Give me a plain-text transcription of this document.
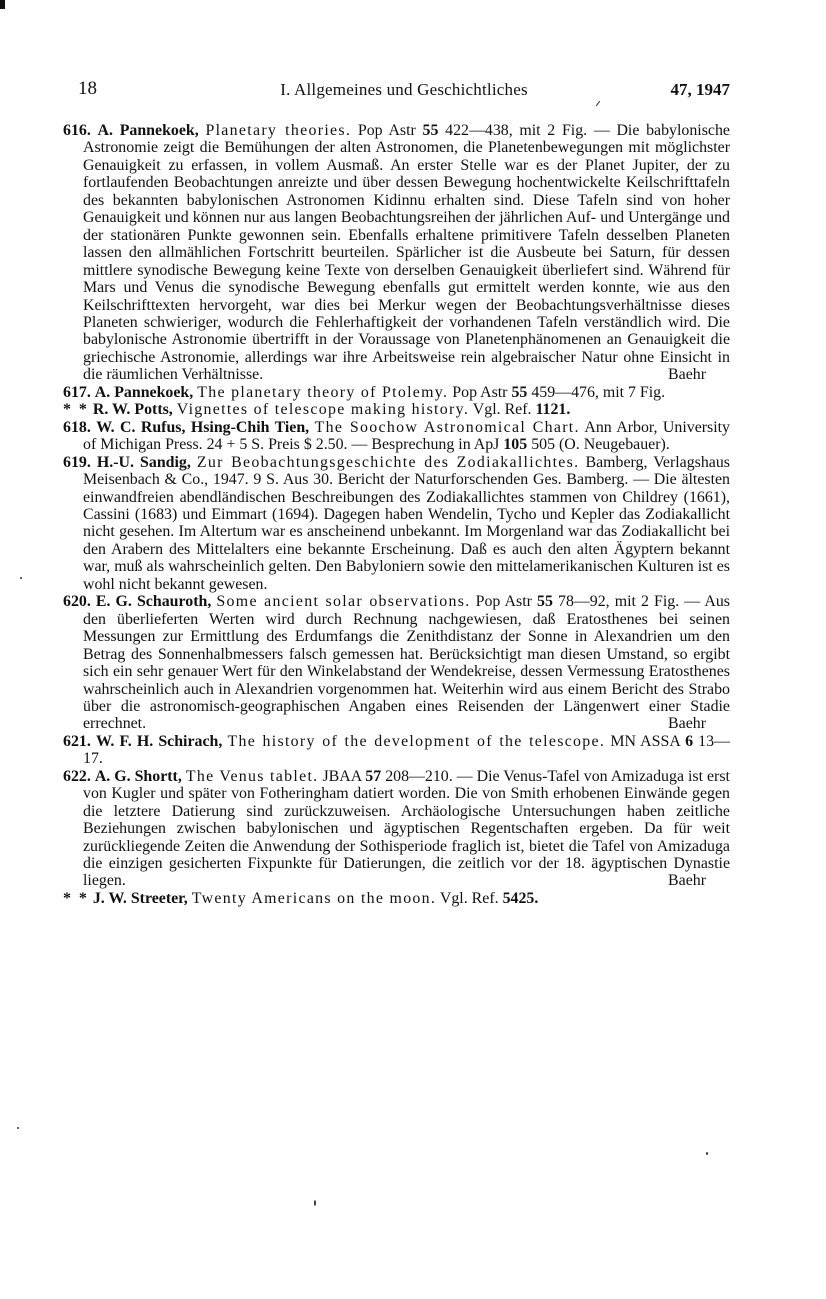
18	I. Allgemeines und Geschichtliches	47, 1947
616. A. Pannekoek, Planetary theories. Pop Astr 55 422—438, mit 2 Fig. — Die babylonische Astronomie zeigt die Bemühungen der alten Astronomen, die Planetenbewegungen mit möglichster Genauigkeit zu erfassen, in vollem Ausmaß. An erster Stelle war es der Planet Jupiter, der zu fortlaufenden Beobachtungen anreizte und über dessen Bewegung hochentwickelte Keilschrifttafeln des bekannten babylonischen Astronomen Kidinnu erhalten sind. Diese Tafeln sind von hoher Genauigkeit und können nur aus langen Beobachtungsreihen der jährlichen Auf- und Untergänge und der stationären Punkte gewonnen sein. Ebenfalls erhaltene primitivere Tafeln desselben Planeten lassen den allmählichen Fortschritt beurteilen. Spärlicher ist die Ausbeute bei Saturn, für dessen mittlere synodische Bewegung keine Texte von derselben Genauigkeit überliefert sind. Während für Mars und Venus die synodische Bewegung ebenfalls gut ermittelt werden konnte, wie aus den Keilschrifttexten hervorgeht, war dies bei Merkur wegen der Beobachtungsverhältnisse dieses Planeten schwieriger, wodurch die Fehlerhaftigkeit der vorhandenen Tafeln verständlich wird. Die babylonische Astronomie übertrifft in der Voraussage von Planetenphänomenen an Genauigkeit die griechische Astronomie, allerdings war ihre Arbeitsweise rein algebraischer Natur ohne Einsicht in die räumlichen Verhältnisse.	Baehr
617. A. Pannekoek, The planetary theory of Ptolemy. Pop Astr 55 459—476, mit 7 Fig.
* * R. W. Potts, Vignettes of telescope making history. Vgl. Ref. 1121.
618. W. C. Rufus, Hsing-Chih Tien, The Soochow Astronomical Chart. Ann Arbor, University of Michigan Press. 24 + 5 S. Preis $ 2.50. — Besprechung in ApJ 105 505 (O. Neugebauer).
619. H.-U. Sandig, Zur Beobachtungsgeschichte des Zodiakallichtes. Bamberg, Verlagshaus Meisenbach & Co., 1947. 9 S. Aus 30. Bericht der Naturforschenden Ges. Bamberg. — Die ältesten einwandfreien abendländischen Beschreibungen des Zodiakallichtes stammen von Childrey (1661), Cassini (1683) und Eimmart (1694). Dagegen haben Wendelin, Tycho und Kepler das Zodiakallicht nicht gesehen. Im Altertum war es anscheinend unbekannt. Im Morgenland war das Zodiakallicht bei den Arabern des Mittelalters eine bekannte Erscheinung. Daß es auch den alten Ägyptern bekannt war, muß als wahrscheinlich gelten. Den Babyloniern sowie den mittelamerikanischen Kulturen ist es wohl nicht bekannt gewesen.
620. E. G. Schauroth, Some ancient solar observations. Pop Astr 55 78—92, mit 2 Fig. — Aus den überlieferten Werten wird durch Rechnung nachgewiesen, daß Eratosthenes bei seinen Messungen zur Ermittlung des Erdumfangs die Zenithdistanz der Sonne in Alexandrien um den Betrag des Sonnenhalbmessers falsch gemessen hat. Berücksichtigt man diesen Umstand, so ergibt sich ein sehr genauer Wert für den Winkelabstand der Wendekreise, dessen Vermessung Eratosthenes wahrscheinlich auch in Alexandrien vorgenommen hat. Weiterhin wird aus einem Bericht des Strabo über die astronomisch-geographischen Angaben eines Reisenden der Längenwert einer Stadie errechnet.	Baehr
621. W. F. H. Schirach, The history of the development of the telescope. MN ASSA 6 13—17.
622. A. G. Shortt, The Venus tablet. JBAA 57 208—210. — Die Venus-Tafel von Amizaduga ist erst von Kugler und später von Fotheringham datiert worden. Die von Smith erhobenen Einwände gegen die letztere Datierung sind zurückzuweisen. Archäologische Untersuchungen haben zeitliche Beziehungen zwischen babylonischen und ägyptischen Regentschaften ergeben. Da für weit zurückliegende Zeiten die Anwendung der Sothisperiode fraglich ist, bietet die Tafel von Amizaduga die einzigen gesicherten Fixpunkte für Datierungen, die zeitlich vor der 18. ägyptischen Dynastie liegen.	Baehr
* * J. W. Streeter, Twenty Americans on the moon. Vgl. Ref. 5425.
